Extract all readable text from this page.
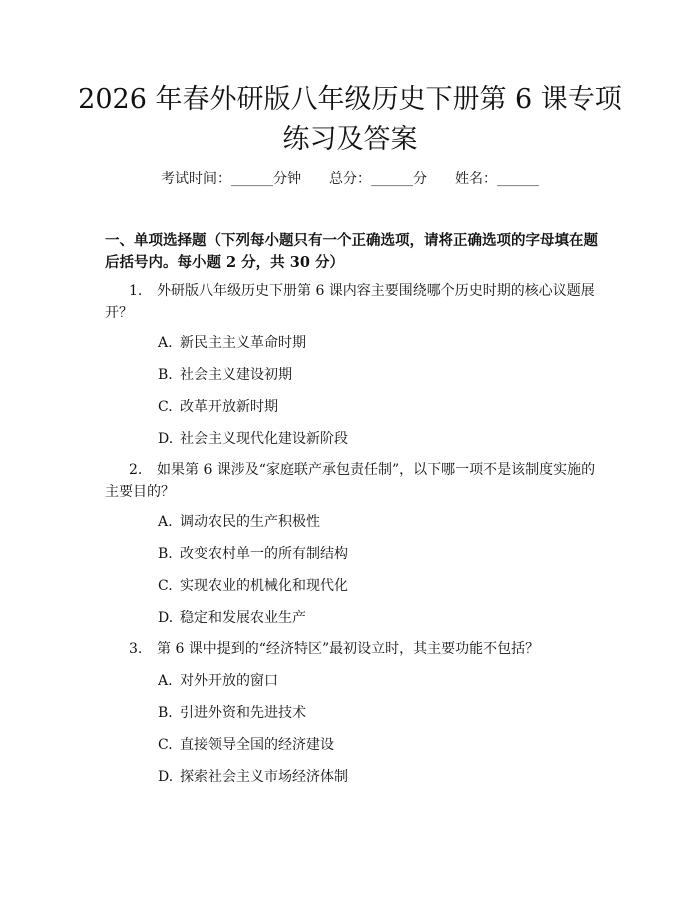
2026 年春外研版八年级历史下册第 6 课专项练习及答案
考试时间：______分钟 总分：______分 姓名：______
一、单项选择题（下列每小题只有一个正确选项，请将正确选项的字母填在题后括号内。每小题 2 分，共 30 分）
1. 外研版八年级历史下册第 6 课内容主要围绕哪个历史时期的核心议题展开？
A. 新民主主义革命时期
B. 社会主义建设初期
C. 改革开放新时期
D. 社会主义现代化建设新阶段
2. 如果第 6 课涉及“家庭联产承包责任制”，以下哪一项不是该制度实施的主要目的？
A. 调动农民的生产积极性
B. 改变农村单一的所有制结构
C. 实现农业的机械化和现代化
D. 稳定和发展农业生产
3. 第 6 课中提到的“经济特区”最初设立时，其主要功能不包括？
A. 对外开放的窗口
B. 引进外资和先进技术
C. 直接领导全国的经济建设
D. 探索社会主义市场经济体制
